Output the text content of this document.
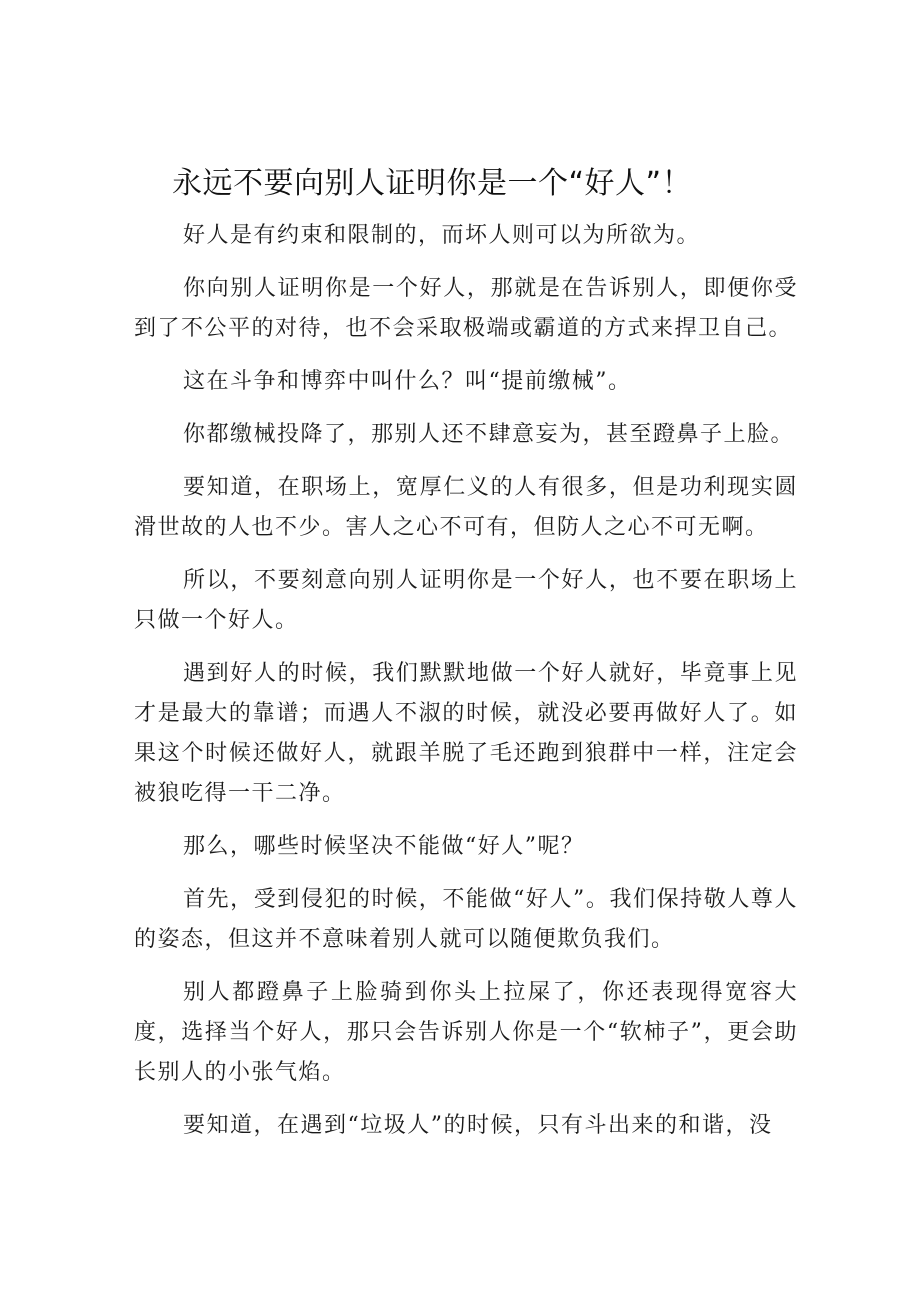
永远不要向别人证明你是一个“好人”！

好人是有约束和限制的，而坏人则可以为所欲为。

你向别人证明你是一个好人，那就是在告诉别人，即便你受到了不公平的对待，也不会采取极端或霸道的方式来捍卫自己。

这在斗争和博弈中叫什么？叫“提前缴械”。

你都缴械投降了，那别人还不肆意妄为，甚至蹬鼻子上脸。

要知道，在职场上，宽厚仁义的人有很多，但是功利现实圆滑世故的人也不少。害人之心不可有，但防人之心不可无啊。

所以，不要刻意向别人证明你是一个好人，也不要在职场上只做一个好人。

遇到好人的时候，我们默默地做一个好人就好，毕竟事上见才是最大的靠谱；而遇人不淑的时候，就没必要再做好人了。如果这个时候还做好人，就跟羊脱了毛还跑到狼群中一样，注定会被狼吃得一干二净。

那么，哪些时候坚决不能做“好人”呢？

首先，受到侵犯的时候，不能做“好人”。我们保持敬人尊人的姿态，但这并不意味着别人就可以随便欺负我们。

别人都蹬鼻子上脸骑到你头上拉屎了，你还表现得宽容大度，选择当个好人，那只会告诉别人你是一个“软柿子”，更会助长别人的小张气焰。

要知道，在遇到“垃圾人”的时候，只有斗出来的和谐，没
